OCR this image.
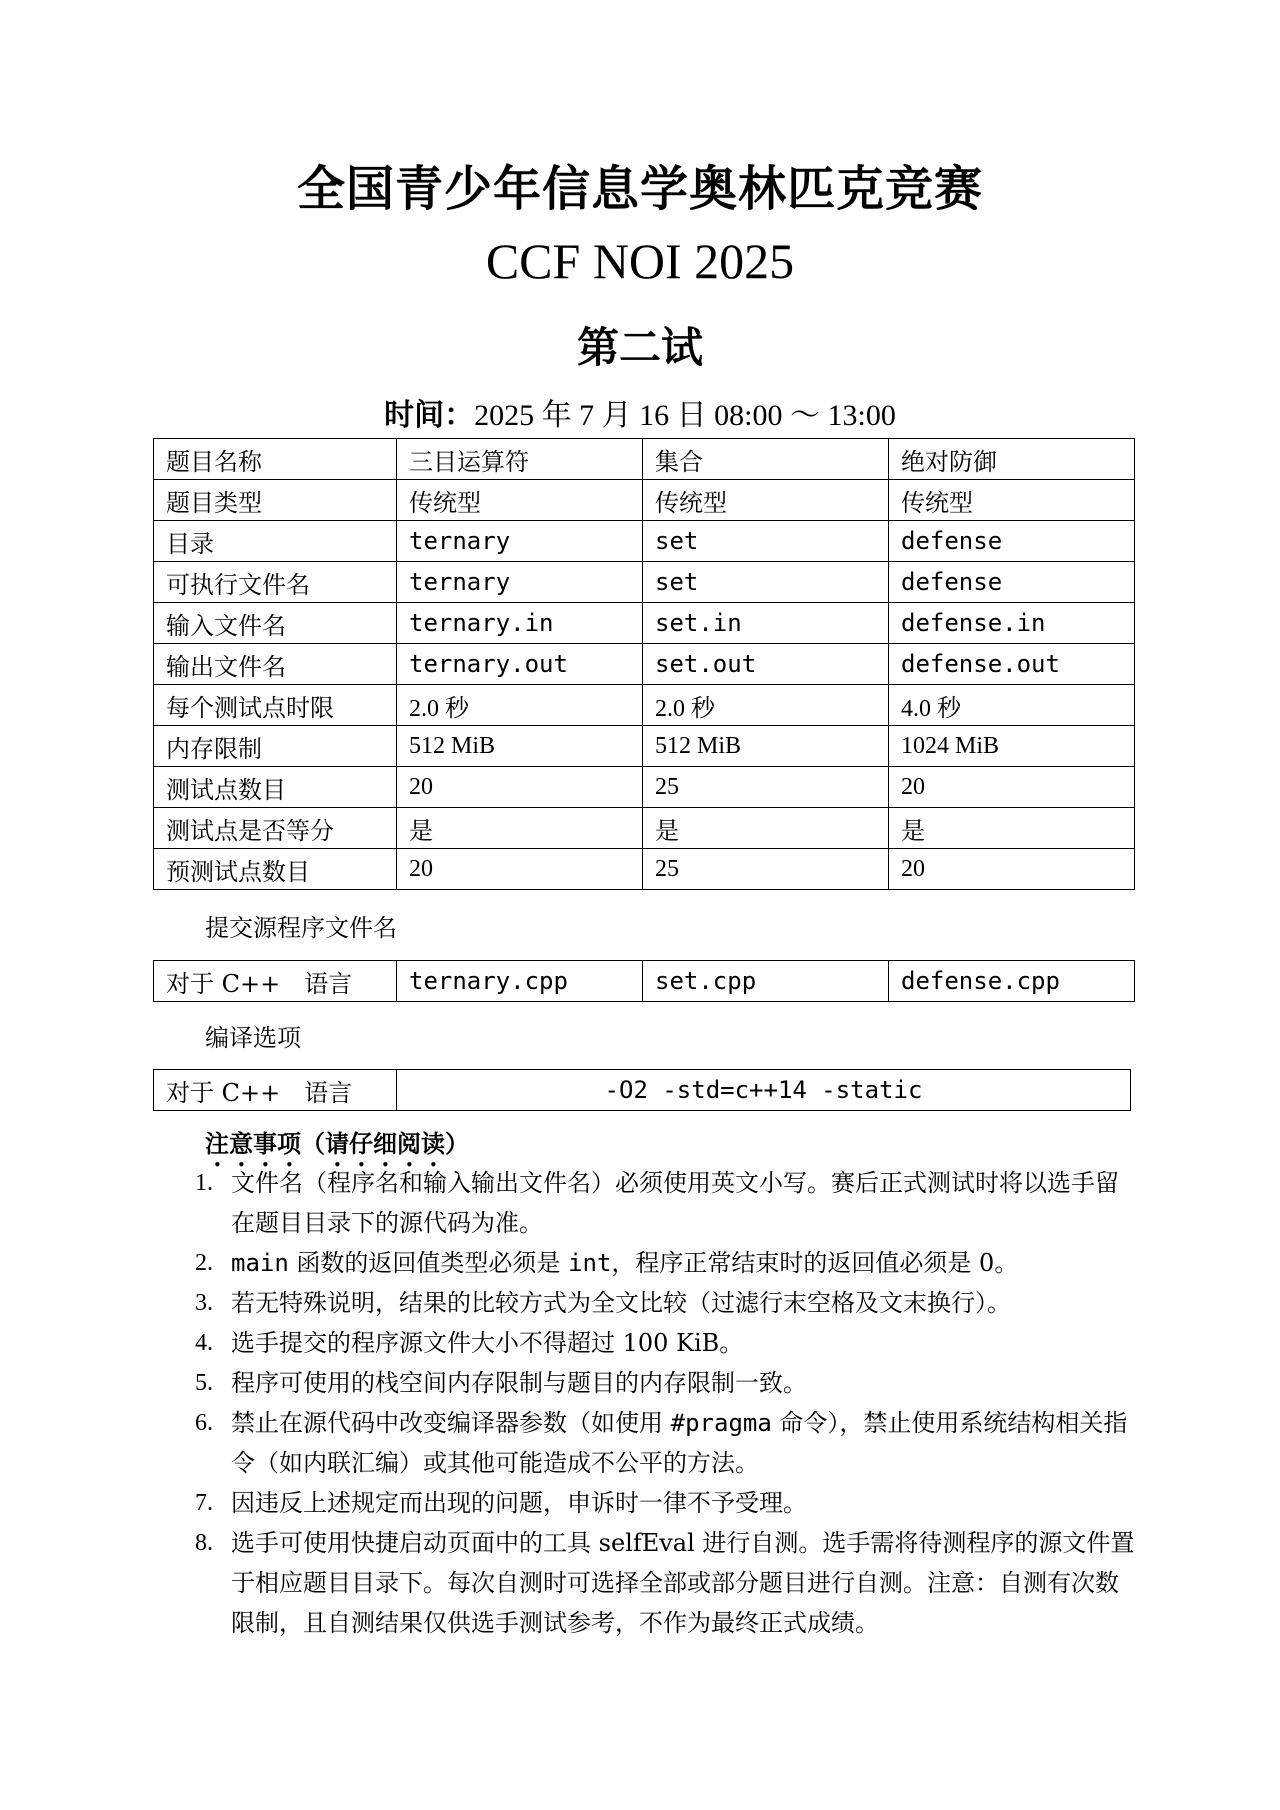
全国青少年信息学奥林匹克竞赛
CCF NOI 2025
第二试
时间：2025 年 7 月 16 日 08:00 ～ 13:00
题目名称	三目运算符	集合	绝对防御
题目类型	传统型	传统型	传统型
目录	ternary	set	defense
可执行文件名	ternary	set	defense
输入文件名	ternary.in	set.in	defense.in
输出文件名	ternary.out	set.out	defense.out
每个测试点时限	2.0 秒	2.0 秒	4.0 秒
内存限制	512 MiB	512 MiB	1024 MiB
测试点数目	20	25	20
测试点是否等分	是	是	是
预测试点数目	20	25	20
提交源程序文件名
对于 C++　语言	ternary.cpp	set.cpp	defense.cpp
编译选项
对于 C++　语言	-O2 -std=c++14 -static
注意事项（请仔细阅读）
1. 文件名（程序名和输入输出文件名）必须使用英文小写。赛后正式测试时将以选手留在题目目录下的源代码为准。
2. main 函数的返回值类型必须是 int，程序正常结束时的返回值必须是 0。
3. 若无特殊说明，结果的比较方式为全文比较（过滤行末空格及文末换行）。
4. 选手提交的程序源文件大小不得超过 100 KiB。
5. 程序可使用的栈空间内存限制与题目的内存限制一致。
6. 禁止在源代码中改变编译器参数（如使用 #pragma 命令），禁止使用系统结构相关指令（如内联汇编）或其他可能造成不公平的方法。
7. 因违反上述规定而出现的问题，申诉时一律不予受理。
8. 选手可使用快捷启动页面中的工具 selfEval 进行自测。选手需将待测程序的源文件置于相应题目目录下。每次自测时可选择全部或部分题目进行自测。注意：自测有次数限制，且自测结果仅供选手测试参考，不作为最终正式成绩。
